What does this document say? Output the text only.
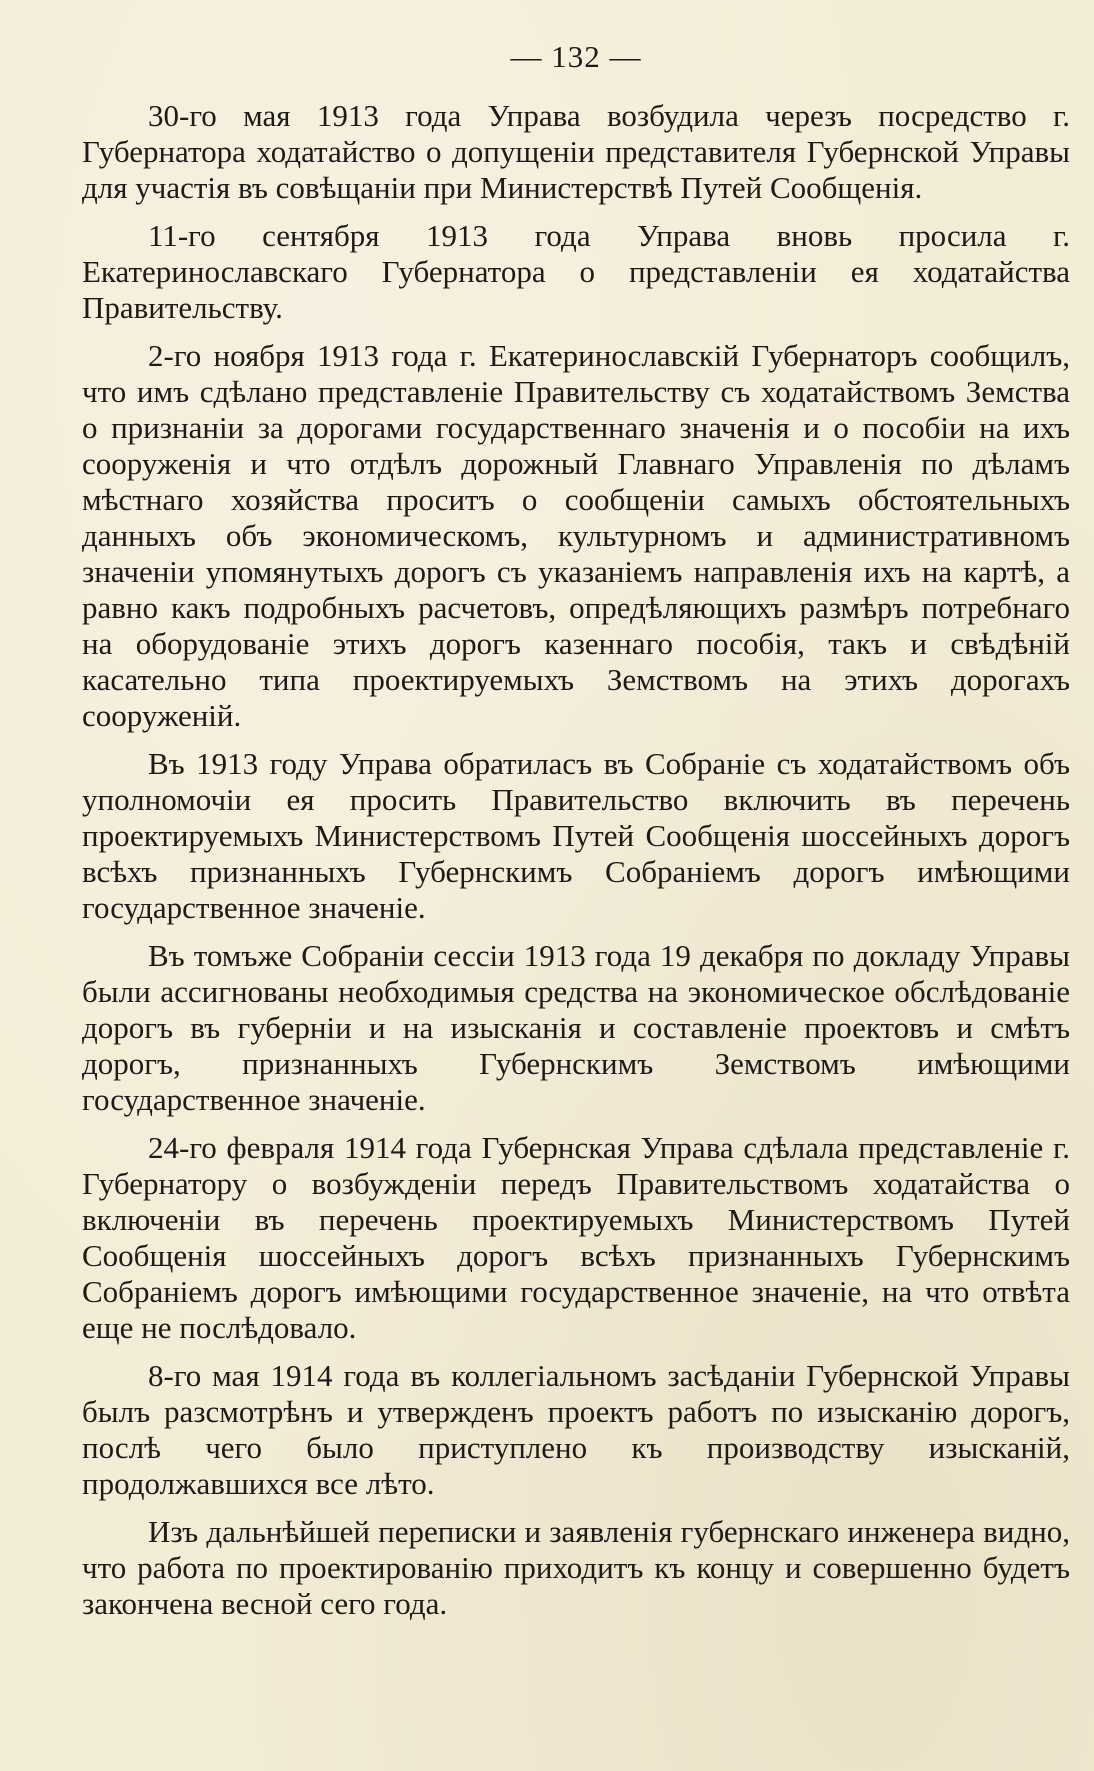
— 132 —

30-го мая 1913 года Управа возбудила черезъ посредство г. Губернатора ходатайство о допущенiи представителя Губернской Управы для участiя въ совѣщанiи при Министерствѣ Путей Сообщенiя.

11-го сентября 1913 года Управа вновь просила г. Екатеринославскаго Губернатора о представленiи ея ходатайства Правительству.

2-го ноября 1913 года г. Екатеринославскiй Губернаторъ сообщилъ, что имъ сдѣлано представленiе Правительству съ ходатайствомъ Земства о признанiи за дорогами государственнаго значенiя и о пособiи на ихъ сооруженiя и что отдѣлъ дорожный Главнаго Управленiя по дѣламъ мѣстнаго хозяйства проситъ о сообщенiи самыхъ обстоятельныхъ данныхъ объ экономическомъ, культурномъ и административномъ значенiи упомянутыхъ дорогъ съ указанiемъ направленiя ихъ на картѣ, а равно какъ подробныхъ расчетовъ, опредѣляющихъ размѣръ потребнаго на оборудованiе этихъ дорогъ казеннаго пособiя, такъ и свѣдѣнiй касательно типа проектируемыхъ Земствомъ на этихъ дорогахъ сооруженiй.

Въ 1913 году Управа обратиласъ въ Собранiе съ ходатайствомъ объ уполномочiи ея просить Правительство включить въ перечень проектируемыхъ Министерствомъ Путей Сообщенiя шоссейныхъ дорогъ всѣхъ признанныхъ Губернскимъ Собранiемъ дорогъ имѣющими государственное значенiе.

Въ томъже Собранiи сессiи 1913 года 19 декабря по докладу Управы были ассигнованы необходимыя средства на экономическое обслѣдованiе дорогъ въ губернiи и на изысканiя и составленiе проектовъ и смѣтъ дорогъ, признанныхъ Губернскимъ Земствомъ имѣющими государственное значенiе.

24-го февраля 1914 года Губернская Управа сдѣлала представленiе г. Губернатору о возбужденiи передъ Правительствомъ ходатайства о включенiи въ перечень проектируемыхъ Министерствомъ Путей Сообщенiя шоссейныхъ дорогъ всѣхъ признанныхъ Губернскимъ Собранiемъ дорогъ имѣющими государственное значенiе, на что отвѣта еще не послѣдовало.

8-го мая 1914 года въ коллегiальномъ засѣданiи Губернской Управы былъ разсмотрѣнъ и утвержденъ проектъ работъ по изысканiю дорогъ, послѣ чего было приступлено къ производству изысканiй, продолжавшихся все лѣто.

Изъ дальнѣйшей переписки и заявленiя губернскаго инженера видно, что работа по проектированiю приходитъ къ концу и совершенно будетъ закончена весной сего года.
